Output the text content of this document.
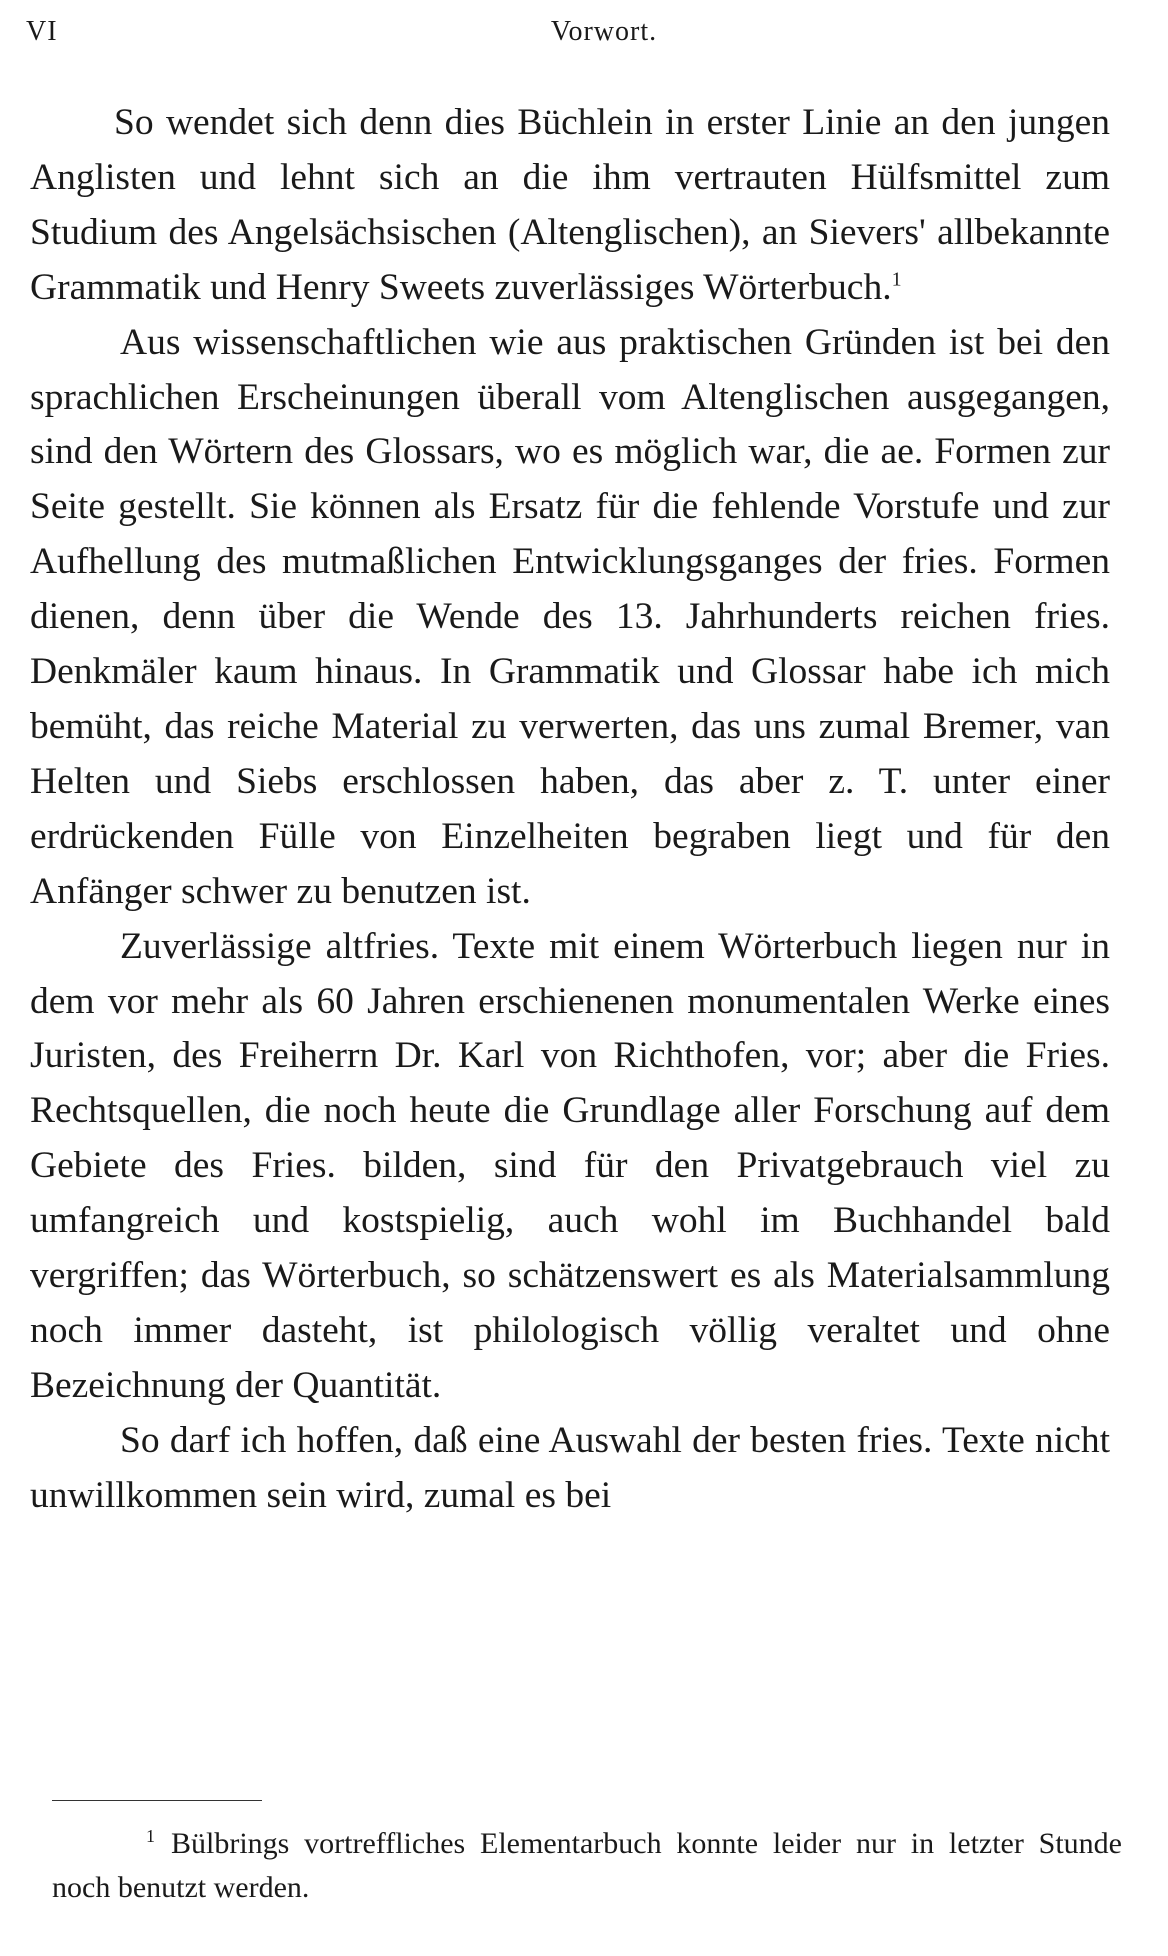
VI	Vorwort.

So wendet sich denn dies Büchlein in erster Linie an den jungen Anglisten und lehnt sich an die ihm vertrauten Hülfsmittel zum Studium des Angelsächsischen (Altenglischen), an Sievers' allbekannte Grammatik und Henry Sweets zuverlässiges Wörterbuch.$^1$

Aus wissenschaftlichen wie aus praktischen Gründen ist bei den sprachlichen Erscheinungen überall vom Altenglischen ausgegangen, sind den Wörtern des Glossars, wo es möglich war, die ae. Formen zur Seite gestellt. Sie können als Ersatz für die fehlende Vorstufe und zur Aufhellung des mutmaßlichen Entwicklungsganges der fries. Formen dienen, denn über die Wende des 13. Jahrhunderts reichen fries. Denkmäler kaum hinaus. In Grammatik und Glossar habe ich mich bemüht, das reiche Material zu verwerten, das uns zumal Bremer, van Helten und Siebs erschlossen haben, das aber z. T. unter einer erdrückenden Fülle von Einzelheiten begraben liegt und für den Anfänger schwer zu benutzen ist.

Zuverlässige altfries. Texte mit einem Wörterbuch liegen nur in dem vor mehr als 60 Jahren erschienenen monumentalen Werke eines Juristen, des Freiherrn Dr. Karl von Richthofen, vor; aber die Fries. Rechtsquellen, die noch heute die Grundlage aller Forschung auf dem Gebiete des Fries. bilden, sind für den Privatgebrauch viel zu umfangreich und kostspielig, auch wohl im Buchhandel bald vergriffen; das Wörterbuch, so schätzenswert es als Materialsammlung noch immer dasteht, ist philologisch völlig veraltet und ohne Bezeichnung der Quantität.

So darf ich hoffen, daß eine Auswahl der besten fries. Texte nicht unwillkommen sein wird, zumal es bei

$^1$ Bülbrings vortreffliches Elementarbuch konnte leider nur in letzter Stunde noch benutzt werden.
